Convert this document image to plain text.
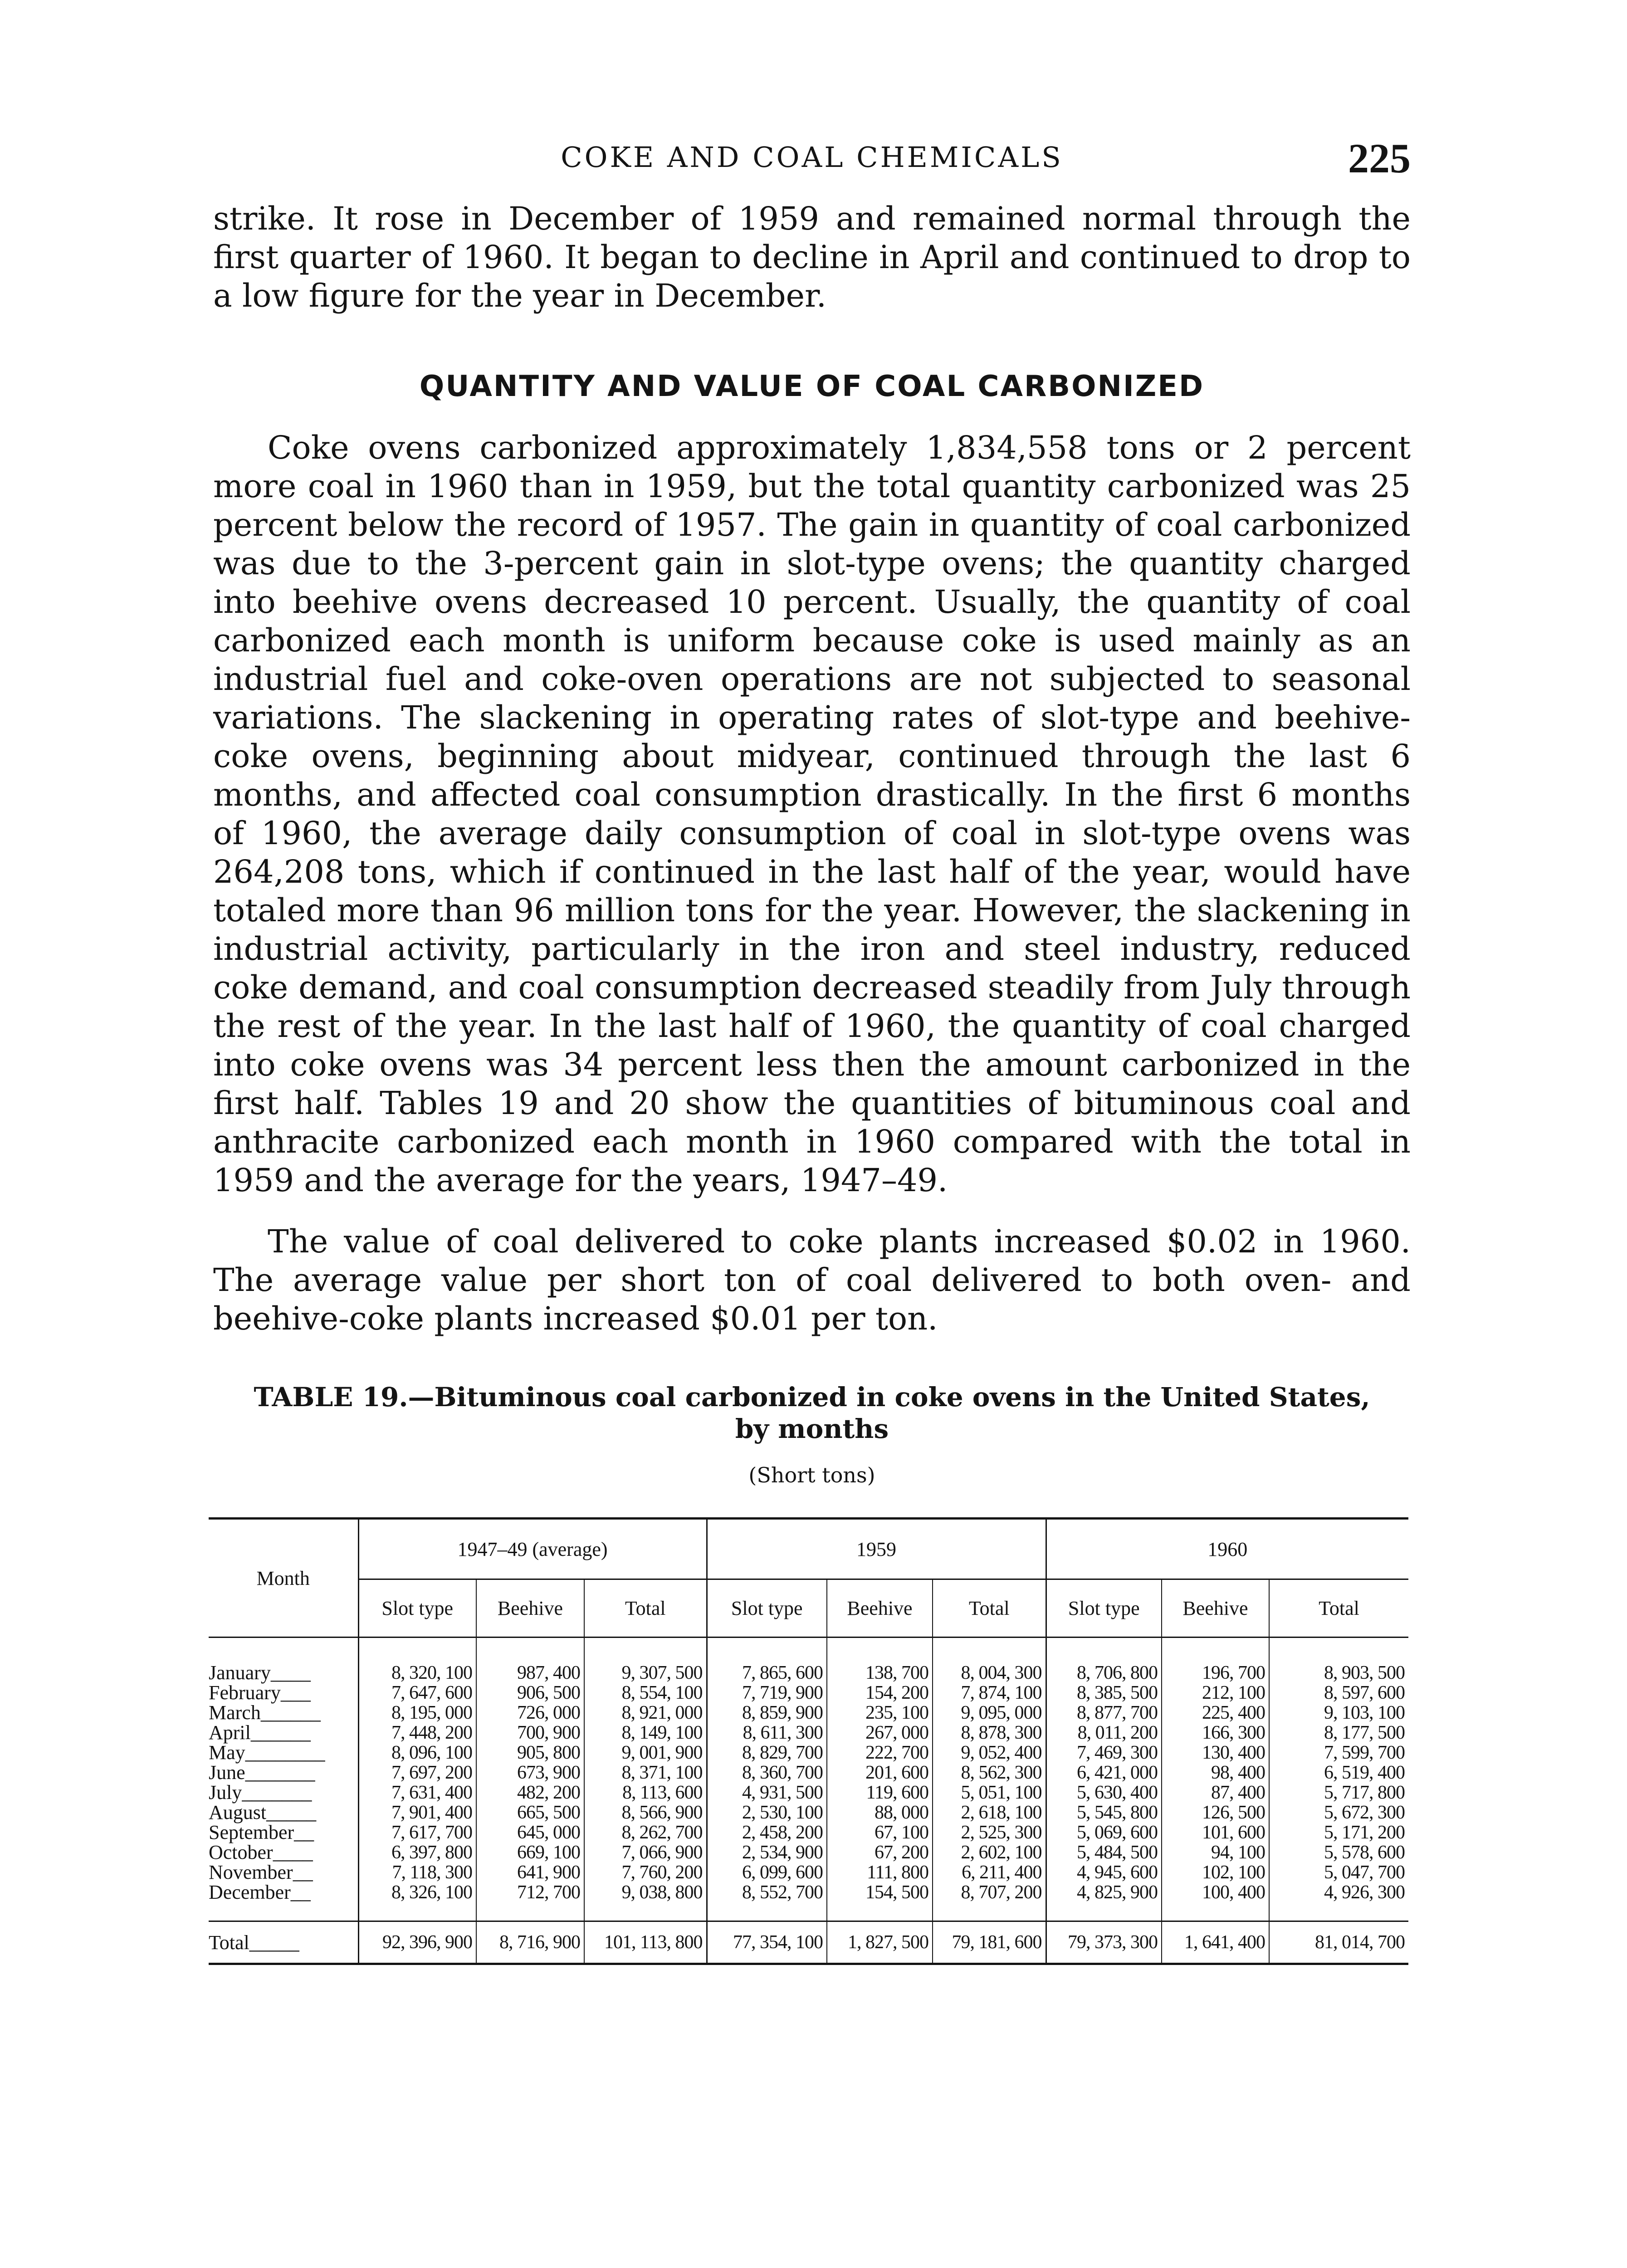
COKE AND COAL CHEMICALS	225

strike. It rose in December of 1959 and remained normal through the first quarter of 1960. It began to decline in April and continued to drop to a low figure for the year in December.

QUANTITY AND VALUE OF COAL CARBONIZED

Coke ovens carbonized approximately 1,834,558 tons or 2 percent more coal in 1960 than in 1959, but the total quantity carbonized was 25 percent below the record of 1957. The gain in quantity of coal carbonized was due to the 3-percent gain in slot-type ovens; the quantity charged into beehive ovens decreased 10 percent. Usually, the quantity of coal carbonized each month is uniform because coke is used mainly as an industrial fuel and coke-oven operations are not subjected to seasonal variations. The slackening in operating rates of slot-type and beehive-coke ovens, beginning about midyear, continued through the last 6 months, and affected coal consumption drastically. In the first 6 months of 1960, the average daily consumption of coal in slot-type ovens was 264,208 tons, which if continued in the last half of the year, would have totaled more than 96 million tons for the year. However, the slackening in industrial activity, particularly in the iron and steel industry, reduced coke demand, and coal consumption decreased steadily from July through the rest of the year. In the last half of 1960, the quantity of coal charged into coke ovens was 34 percent less then the amount carbonized in the first half. Tables 19 and 20 show the quantities of bituminous coal and anthracite carbonized each month in 1960 compared with the total in 1959 and the average for the years, 1947–49.

The value of coal delivered to coke plants increased $0.02 in 1960. The average value per short ton of coal delivered to both oven- and beehive-coke plants increased $0.01 per ton.

TABLE 19.—Bituminous coal carbonized in coke ovens in the United States,
by months
(Short tons)
Month	1947–49 (average)			1959			1960		
	Slot type	Beehive	Total	Slot type	Beehive	Total	Slot type	Beehive	Total
January____	8, 320, 100	987, 400	9, 307, 500	7, 865, 600	138, 700	8, 004, 300	8, 706, 800	196, 700	8, 903, 500
February___	7, 647, 600	906, 500	8, 554, 100	7, 719, 900	154, 200	7, 874, 100	8, 385, 500	212, 100	8, 597, 600
March______	8, 195, 000	726, 000	8, 921, 000	8, 859, 900	235, 100	9, 095, 000	8, 877, 700	225, 400	9, 103, 100
April______	7, 448, 200	700, 900	8, 149, 100	8, 611, 300	267, 000	8, 878, 300	8, 011, 200	166, 300	8, 177, 500
May________	8, 096, 100	905, 800	9, 001, 900	8, 829, 700	222, 700	9, 052, 400	7, 469, 300	130, 400	7, 599, 700
June_______	7, 697, 200	673, 900	8, 371, 100	8, 360, 700	201, 600	8, 562, 300	6, 421, 000	98, 400	6, 519, 400
July_______	7, 631, 400	482, 200	8, 113, 600	4, 931, 500	119, 600	5, 051, 100	5, 630, 400	87, 400	5, 717, 800
August_____	7, 901, 400	665, 500	8, 566, 900	2, 530, 100	88, 000	2, 618, 100	5, 545, 800	126, 500	5, 672, 300
September__	7, 617, 700	645, 000	8, 262, 700	2, 458, 200	67, 100	2, 525, 300	5, 069, 600	101, 600	5, 171, 200
October____	6, 397, 800	669, 100	7, 066, 900	2, 534, 900	67, 200	2, 602, 100	5, 484, 500	94, 100	5, 578, 600
November__	7, 118, 300	641, 900	7, 760, 200	6, 099, 600	111, 800	6, 211, 400	4, 945, 600	102, 100	5, 047, 700
December__	8, 326, 100	712, 700	9, 038, 800	8, 552, 700	154, 500	8, 707, 200	4, 825, 900	100, 400	4, 926, 300
Total_____	92, 396, 900	8, 716, 900	101, 113, 800	77, 354, 100	1, 827, 500	79, 181, 600	79, 373, 300	1, 641, 400	81, 014, 700
